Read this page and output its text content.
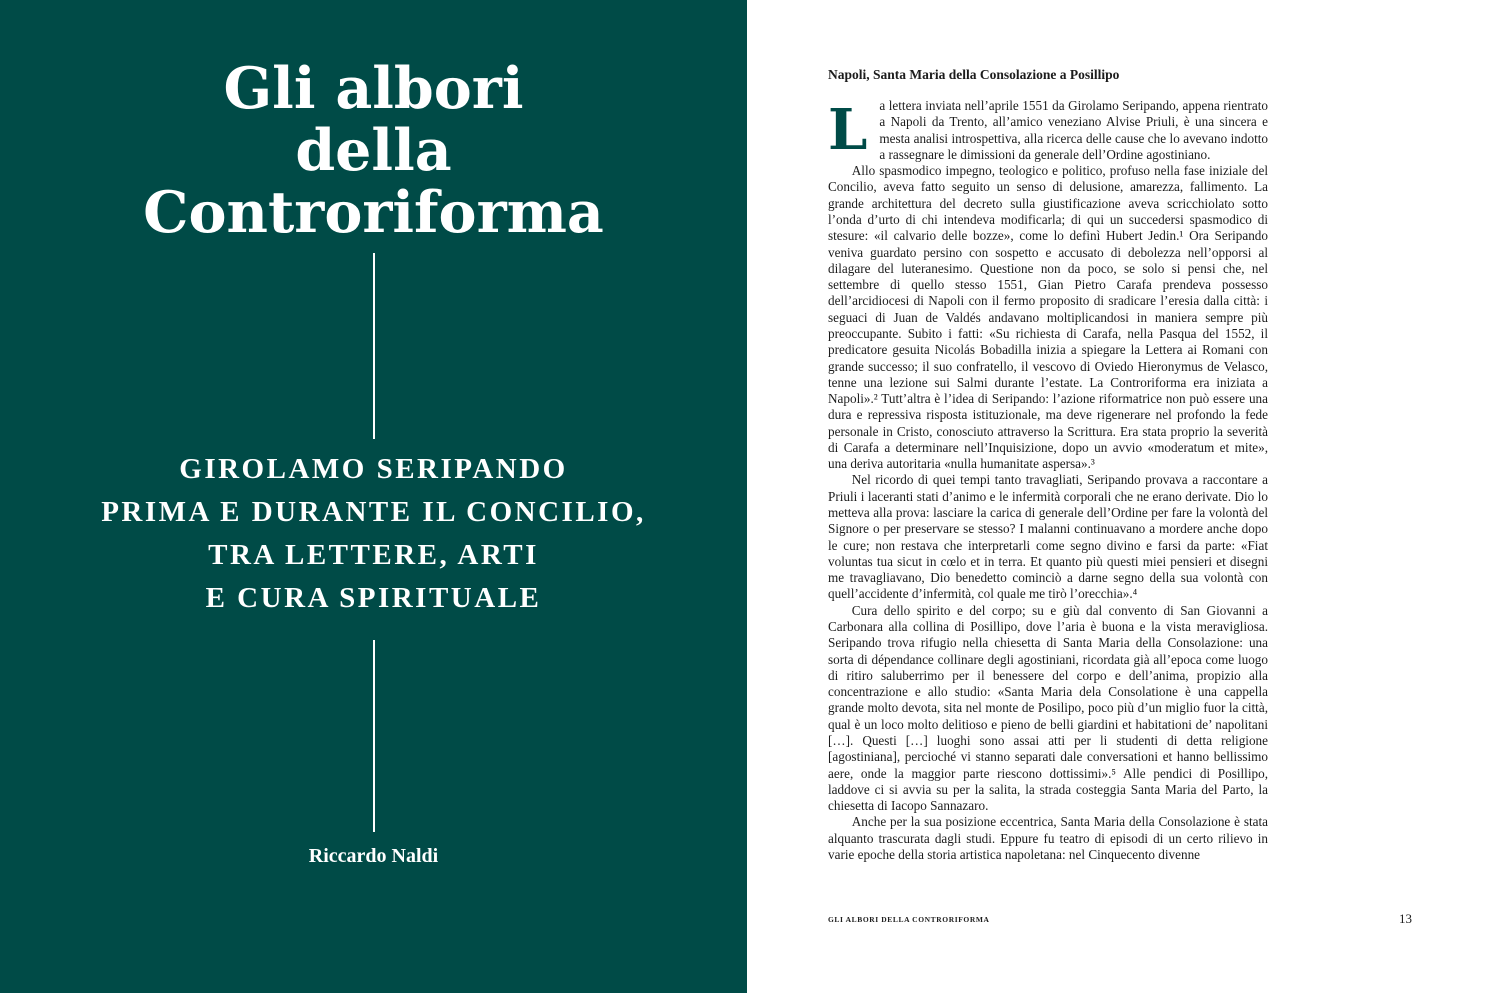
Gli albori
della
Controriforma
GIROLAMO SERIPANDO
PRIMA E DURANTE IL CONCILIO,
TRA LETTERE, ARTI
E CURA SPIRITUALE
Riccardo Naldi
Napoli, Santa Maria della Consolazione a Posillipo
L a lettera inviata nell’aprile 1551 da Girolamo Seripando, appena rientrato a Napoli da Trento, all’amico veneziano Alvise Priuli, è una sincera e mesta analisi introspettiva, alla ricerca delle cause che lo avevano indotto a rassegnare le dimissioni da generale dell’Ordine agostiniano.

Allo spasmodico impegno, teologico e politico, profuso nella fase iniziale del Concilio, aveva fatto seguito un senso di delusione, amarezza, fallimento. La grande architettura del decreto sulla giustificazione aveva scricchiolato sotto l’onda d’urto di chi intendeva modificarla; di qui un succedersi spasmodico di stesure: «il calvario delle bozze», come lo definì Hubert Jedin.¹ Ora Seripando veniva guardato persino con sospetto e accusato di debolezza nell’opporsi al dilagare del luteranesimo. Questione non da poco, se solo si pensi che, nel settembre di quello stesso 1551, Gian Pietro Carafa prendeva possesso dell’arcidiocesi di Napoli con il fermo proposito di sradicare l’eresia dalla città: i seguaci di Juan de Valdés andavano moltiplicandosi in maniera sempre più preoccupante. Subito i fatti: «Su richiesta di Carafa, nella Pasqua del 1552, il predicatore gesuita Nicolás Bobadilla inizia a spiegare la Lettera ai Romani con grande successo; il suo confratello, il vescovo di Oviedo Hieronymus de Velasco, tenne una lezione sui Salmi durante l’estate. La Controriforma era iniziata a Napoli».² Tutt’altra è l’idea di Seripando: l’azione riformatrice non può essere una dura e repressiva risposta istituzionale, ma deve rigenerare nel profondo la fede personale in Cristo, conosciuto attraverso la Scrittura. Era stata proprio la severità di Carafa a determinare nell’Inquisizione, dopo un avvio «moderatum et mite», una deriva autoritaria «nulla humanitate aspersa».³

Nel ricordo di quei tempi tanto travagliati, Seripando provava a raccontare a Priuli i laceranti stati d’animo e le infermità corporali che ne erano derivate. Dio lo metteva alla prova: lasciare la carica di generale dell’Ordine per fare la volontà del Signore o per preservare se stesso? I malanni continuavano a mordere anche dopo le cure; non restava che interpretarli come segno divino e farsi da parte: «Fiat voluntas tua sicut in cœlo et in terra. Et quanto più questi miei pensieri et disegni me travagliavano, Dio benedetto cominciò a darne segno della sua volontà con quell’accidente d’infermità, col quale me tirò l’orecchia».⁴

Cura dello spirito e del corpo; su e giù dal convento di San Giovanni a Carbonara alla collina di Posillipo, dove l’aria è buona e la vista meravigliosa. Seripando trova rifugio nella chiesetta di Santa Maria della Consolazione: una sorta di dépendance collinare degli agostiniani, ricordata già all’epoca come luogo di ritiro saluberrimo per il benessere del corpo e dell’anima, propizio alla concentrazione e allo studio: «Santa Maria dela Consolatione è una cappella grande molto devota, sita nel monte de Posilipo, poco più d’un miglio fuor la città, qual è un loco molto delitioso e pieno de belli giardini et habitationi de’ napolitani […]. Questi […] luoghi sono assai atti per li studenti di detta religione [agostiniana], percioché vi stanno separati dale conversationi et hanno bellissimo aere, onde la maggior parte riescono dottissimi».⁵ Alle pendici di Posillipo, laddove ci si avvia su per la salita, la strada costeggia Santa Maria del Parto, la chiesetta di Iacopo Sannazaro.

Anche per la sua posizione eccentrica, Santa Maria della Consolazione è stata alquanto trascurata dagli studi. Eppure fu teatro di episodi di un certo rilievo in varie epoche della storia artistica napoletana: nel Cinquecento divenne

GLI ALBORI DELLA CONTRORIFORMA	13
